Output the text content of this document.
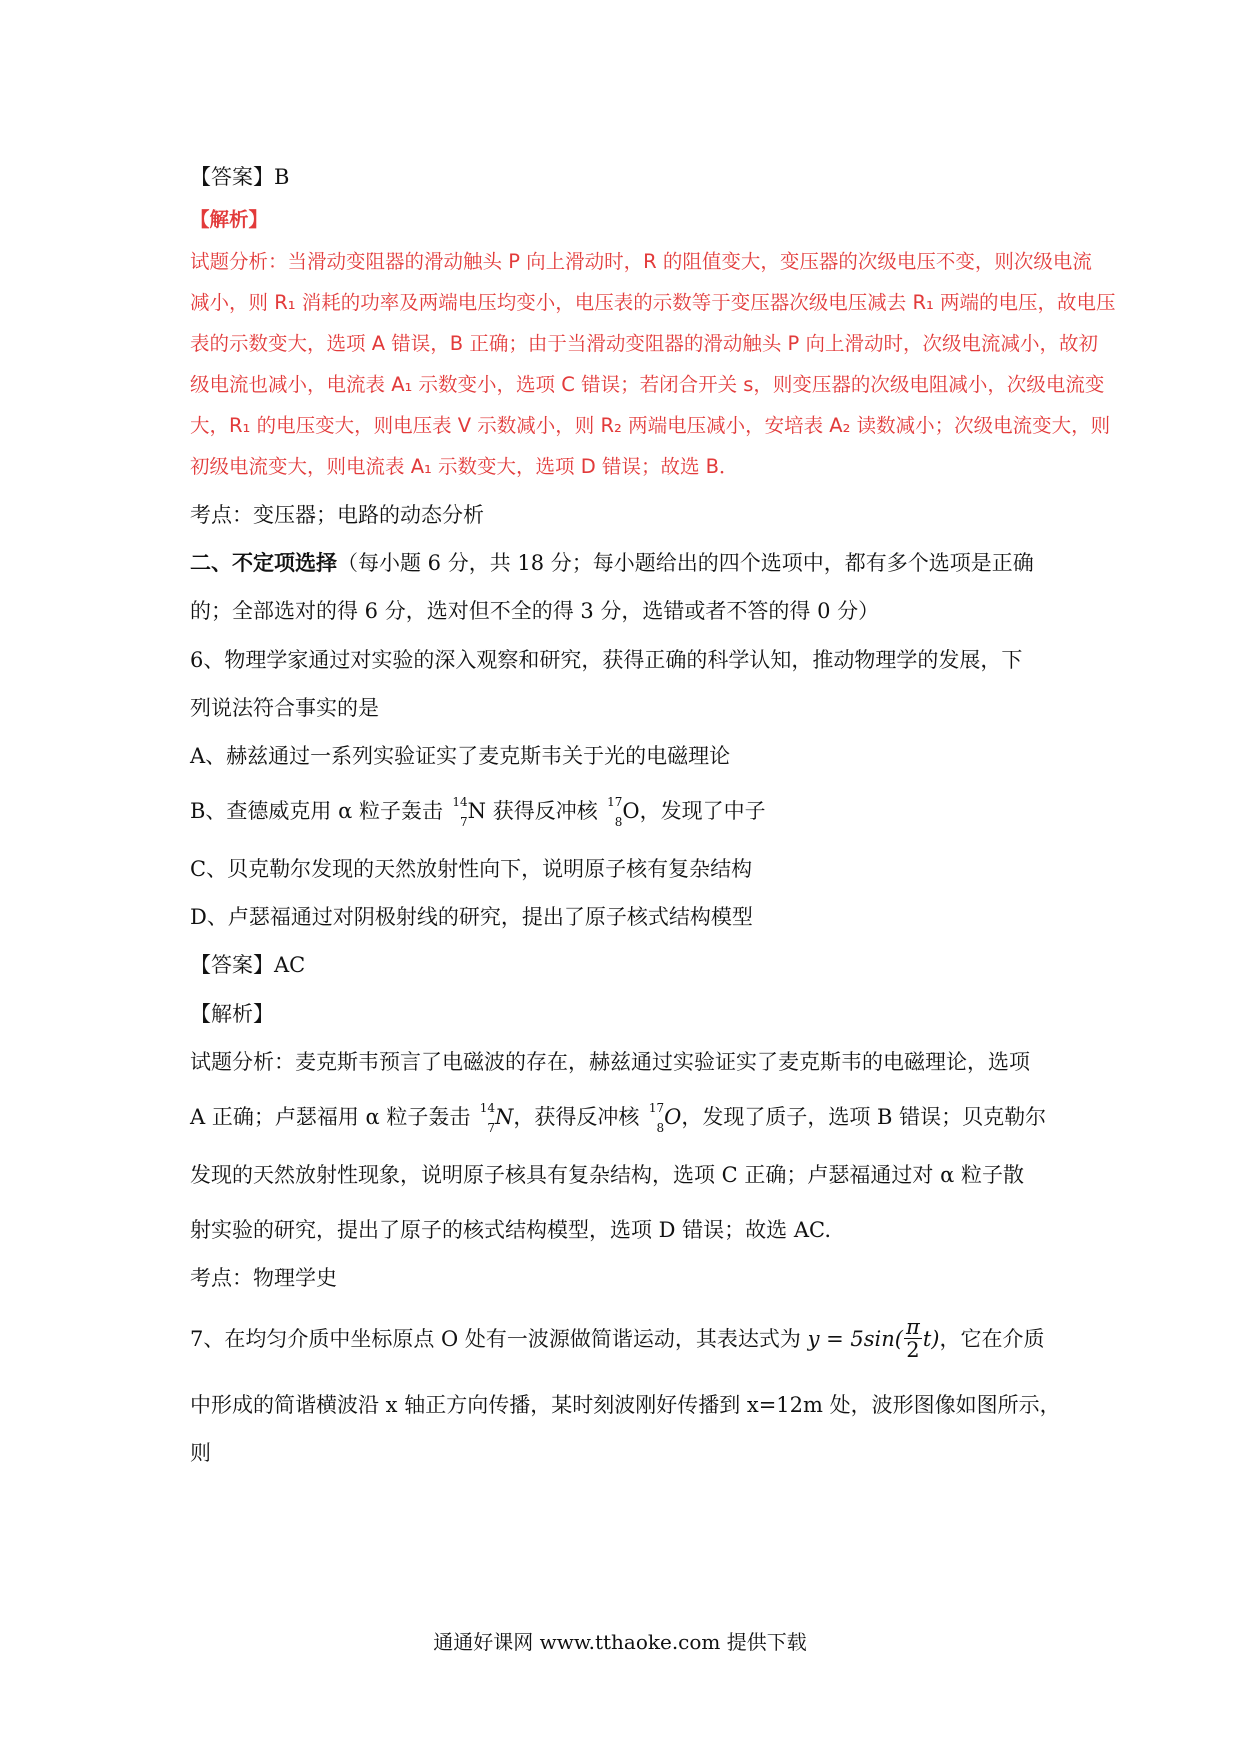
【答案】B
【解析】
试题分析：当滑动变阻器的滑动触头 P 向上滑动时，R 的阻值变大，变压器的次级电压不变，则次级电流
减小，则 R₁ 消耗的功率及两端电压均变小，电压表的示数等于变压器次级电压减去 R₁ 两端的电压，故电压
表的示数变大，选项 A 错误，B 正确；由于当滑动变阻器的滑动触头 P 向上滑动时，次级电流减小，故初
级电流也减小，电流表 A₁ 示数变小，选项 C 错误；若闭合开关 s，则变压器的次级电阻减小，次级电流变
大，R₁ 的电压变大，则电压表 V 示数减小，则 R₂ 两端电压减小，安培表 A₂ 读数减小；次级电流变大，则
初级电流变大，则电流表 A₁ 示数变大，选项 D 错误；故选 B．
考点：变压器；电路的动态分析
二、不定项选择（每小题 6 分，共 18 分；每小题给出的四个选项中，都有多个选项是正确
的；全部选对的得 6 分，选对但不全的得 3 分，选错或者不答的得 0 分）
6、物理学家通过对实验的深入观察和研究，获得正确的科学认知，推动物理学的发展，下
列说法符合事实的是
A、赫兹通过一系列实验证实了麦克斯韦关于光的电磁理论
B、查德威克用 α 粒子轰击 14
7 N 获得反冲核 17
8 O，发现了中子
C、贝克勒尔发现的天然放射性向下，说明原子核有复杂结构
D、卢瑟福通过对阴极射线的研究，提出了原子核式结构模型
【答案】AC
【解析】
试题分析：麦克斯韦预言了电磁波的存在，赫兹通过实验证实了麦克斯韦的电磁理论，选项
A 正确；卢瑟福用 α 粒子轰击 14
7 N，获得反冲核 17
8 O，发现了质子，选项 B 错误；贝克勒尔
发现的天然放射性现象，说明原子核具有复杂结构，选项 C 正确；卢瑟福通过对 α 粒子散
射实验的研究，提出了原子的核式结构模型，选项 D 错误；故选 AC.
考点：物理学史
7、在均匀介质中坐标原点 O 处有一波源做简谐运动，其表达式为 $y = 5\sin( \frac{\pi}{2} t)$，它在介质
中形成的简谐横波沿 x 轴正方向传播，某时刻波刚好传播到 x=12m 处，波形图像如图所示，
则
通通好课网 www.tthaoke.com 提供下载
